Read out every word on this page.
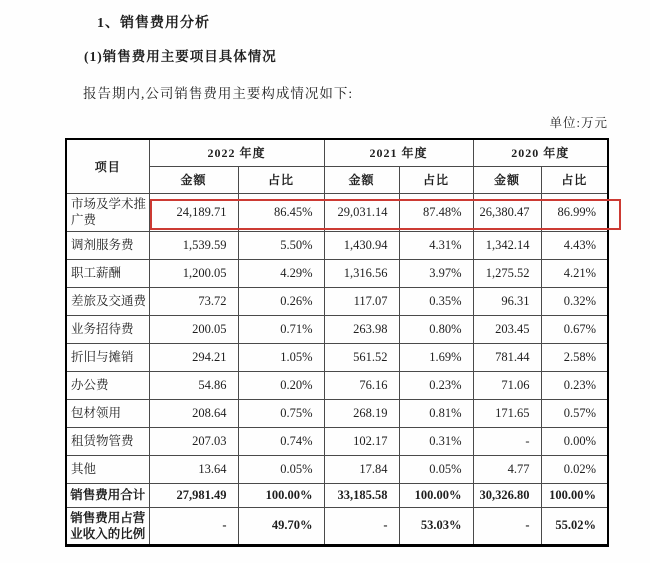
1、销售费用分析
(1)销售费用主要项目具体情况
报告期内,公司销售费用主要构成情况如下:
单位:万元
项目	2022 年度		2021 年度		2020 年度	
	金额	占比	金额	占比	金额	占比
市场及学术推广费	24,189.71	86.45%	29,031.14	87.48%	26,380.47	86.99%
调剂服务费	1,539.59	5.50%	1,430.94	4.31%	1,342.14	4.43%
职工薪酬	1,200.05	4.29%	1,316.56	3.97%	1,275.52	4.21%
差旅及交通费	73.72	0.26%	117.07	0.35%	96.31	0.32%
业务招待费	200.05	0.71%	263.98	0.80%	203.45	0.67%
折旧与摊销	294.21	1.05%	561.52	1.69%	781.44	2.58%
办公费	54.86	0.20%	76.16	0.23%	71.06	0.23%
包材领用	208.64	0.75%	268.19	0.81%	171.65	0.57%
租赁物管费	207.03	0.74%	102.17	0.31%	-	0.00%
其他	13.64	0.05%	17.84	0.05%	4.77	0.02%
销售费用合计	27,981.49	100.00%	33,185.58	100.00%	30,326.80	100.00%
销售费用占营业收入的比例	-	49.70%	-	53.03%	-	55.02%
